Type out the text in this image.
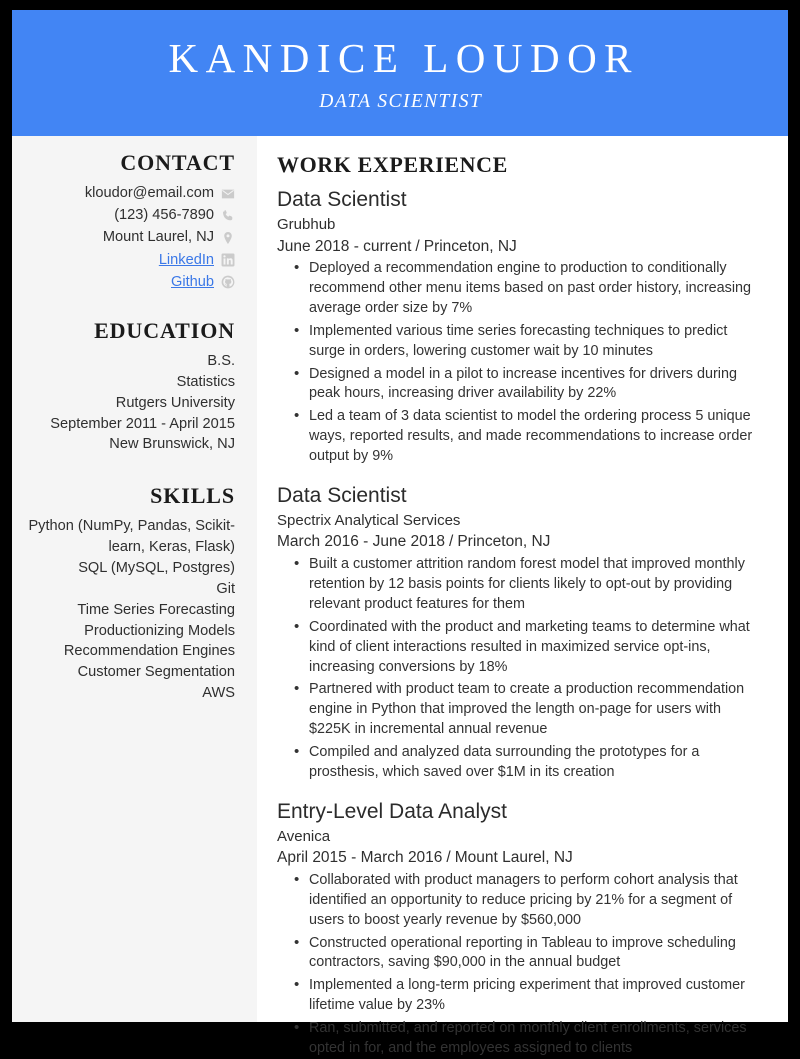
KANDICE LOUDOR
DATA SCIENTIST
CONTACT
kloudor@email.com
(123) 456-7890
Mount Laurel, NJ
LinkedIn
Github
EDUCATION
B.S.
Statistics
Rutgers University
September 2011 - April 2015
New Brunswick, NJ
SKILLS
Python (NumPy, Pandas, Scikit-learn, Keras, Flask)
SQL (MySQL, Postgres)
Git
Time Series Forecasting
Productionizing Models
Recommendation Engines
Customer Segmentation
AWS
WORK EXPERIENCE
Data Scientist
Grubhub
June 2018 - current / Princeton, NJ
• Deployed a recommendation engine to production to conditionally recommend other menu items based on past order history, increasing average order size by 7%
• Implemented various time series forecasting techniques to predict surge in orders, lowering customer wait by 10 minutes
• Designed a model in a pilot to increase incentives for drivers during peak hours, increasing driver availability by 22%
• Led a team of 3 data scientist to model the ordering process 5 unique ways, reported results, and made recommendations to increase order output by 9%
Data Scientist
Spectrix Analytical Services
March 2016 - June 2018 / Princeton, NJ
• Built a customer attrition random forest model that improved monthly retention by 12 basis points for clients likely to opt-out by providing relevant product features for them
• Coordinated with the product and marketing teams to determine what kind of client interactions resulted in maximized service opt-ins, increasing conversions by 18%
• Partnered with product team to create a production recommendation engine in Python that improved the length on-page for users with $225K in incremental annual revenue
• Compiled and analyzed data surrounding the prototypes for a prosthesis, which saved over $1M in its creation
Entry-Level Data Analyst
Avenica
April 2015 - March 2016 / Mount Laurel, NJ
• Collaborated with product managers to perform cohort analysis that identified an opportunity to reduce pricing by 21% for a segment of users to boost yearly revenue by $560,000
• Constructed operational reporting in Tableau to improve scheduling contractors, saving $90,000 in the annual budget
• Implemented a long-term pricing experiment that improved customer lifetime value by 23%
• Ran, submitted, and reported on monthly client enrollments, services opted in for, and the employees assigned to clients
